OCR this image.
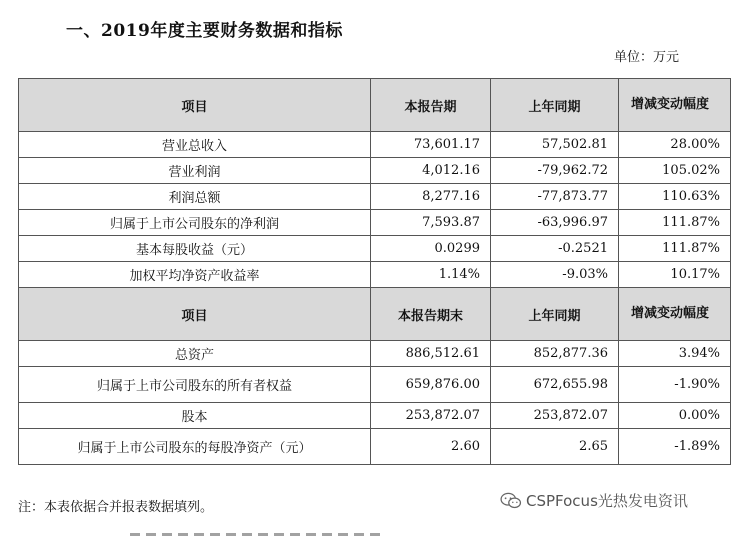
一、2019年度主要财务数据和指标
单位：万元
项目	本报告期	上年同期	增减变动幅度
营业总收入	73,601.17	57,502.81	28.00%
营业利润	4,012.16	-79,962.72	105.02%
利润总额	8,277.16	-77,873.77	110.63%
归属于上市公司股东的净利润	7,593.87	-63,996.97	111.87%
基本每股收益（元）	0.0299	-0.2521	111.87%
加权平均净资产收益率	1.14%	-9.03%	10.17%
项目	本报告期末	上年同期	增减变动幅度
总资产	886,512.61	852,877.36	3.94%
归属于上市公司股东的所有者权益	659,876.00	672,655.98	-1.90%
股本	253,872.07	253,872.07	0.00%
归属于上市公司股东的每股净资产（元）	2.60	2.65	-1.89%
注：本表依据合并报表数据填列。	CSPFocus光热发电资讯
